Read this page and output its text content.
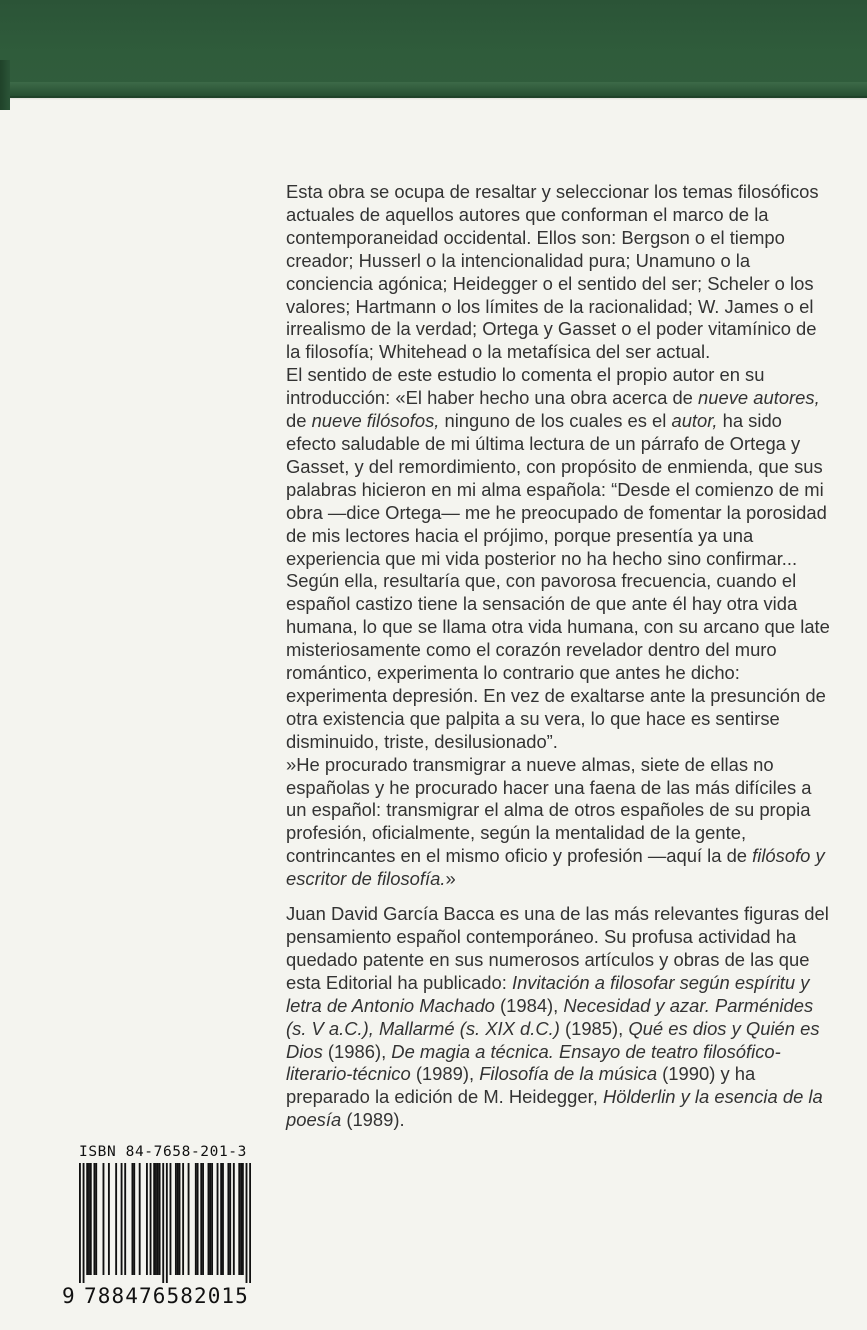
Esta obra se ocupa de resaltar y seleccionar los temas filosóficos actuales de aquellos autores que conforman el marco de la contemporaneidad occidental. Ellos son: Bergson o el tiempo creador; Husserl o la intencionalidad pura; Unamuno o la conciencia agónica; Heidegger o el sentido del ser; Scheler o los valores; Hartmann o los límites de la racionalidad; W. James o el irrealismo de la verdad; Ortega y Gasset o el poder vitamínico de la filosofía; Whitehead o la metafísica del ser actual.

El sentido de este estudio lo comenta el propio autor en su introducción: «El haber hecho una obra acerca de nueve autores, de nueve filósofos, ninguno de los cuales es el autor, ha sido efecto saludable de mi última lectura de un párrafo de Ortega y Gasset, y del remordimiento, con propósito de enmienda, que sus palabras hicieron en mi alma española: “Desde el comienzo de mi obra —dice Ortega— me he preocupado de fomentar la porosidad de mis lectores hacia el prójimo, porque presentía ya una experiencia que mi vida posterior no ha hecho sino confirmar... Según ella, resultaría que, con pavorosa frecuencia, cuando el español castizo tiene la sensación de que ante él hay otra vida humana, lo que se llama otra vida humana, con su arcano que late misteriosamente como el corazón revelador dentro del muro romántico, experimenta lo contrario que antes he dicho: experimenta depresión. En vez de exaltarse ante la presunción de otra existencia que palpita a su vera, lo que hace es sentirse disminuido, triste, desilusionado”.

»He procurado transmigrar a nueve almas, siete de ellas no españolas y he procurado hacer una faena de las más difíciles a un español: transmigrar el alma de otros españoles de su propia profesión, oficialmente, según la mentalidad de la gente, contrincantes en el mismo oficio y profesión —aquí la de filósofo y escritor de filosofía.»

Juan David García Bacca es una de las más relevantes figuras del pensamiento español contemporáneo. Su profusa actividad ha quedado patente en sus numerosos artículos y obras de las que esta Editorial ha publicado: Invitación a filosofar según espíritu y letra de Antonio Machado (1984), Necesidad y azar. Parménides (s. V a.C.), Mallarmé (s. XIX d.C.) (1985), Qué es dios y Quién es Dios (1986), De magia a técnica. Ensayo de teatro filosófico-literario-técnico (1989), Filosofía de la música (1990) y ha preparado la edición de M. Heidegger, Hölderlin y la esencia de la poesía (1989).

ISBN 84-7658-201-3
9 788476582015
